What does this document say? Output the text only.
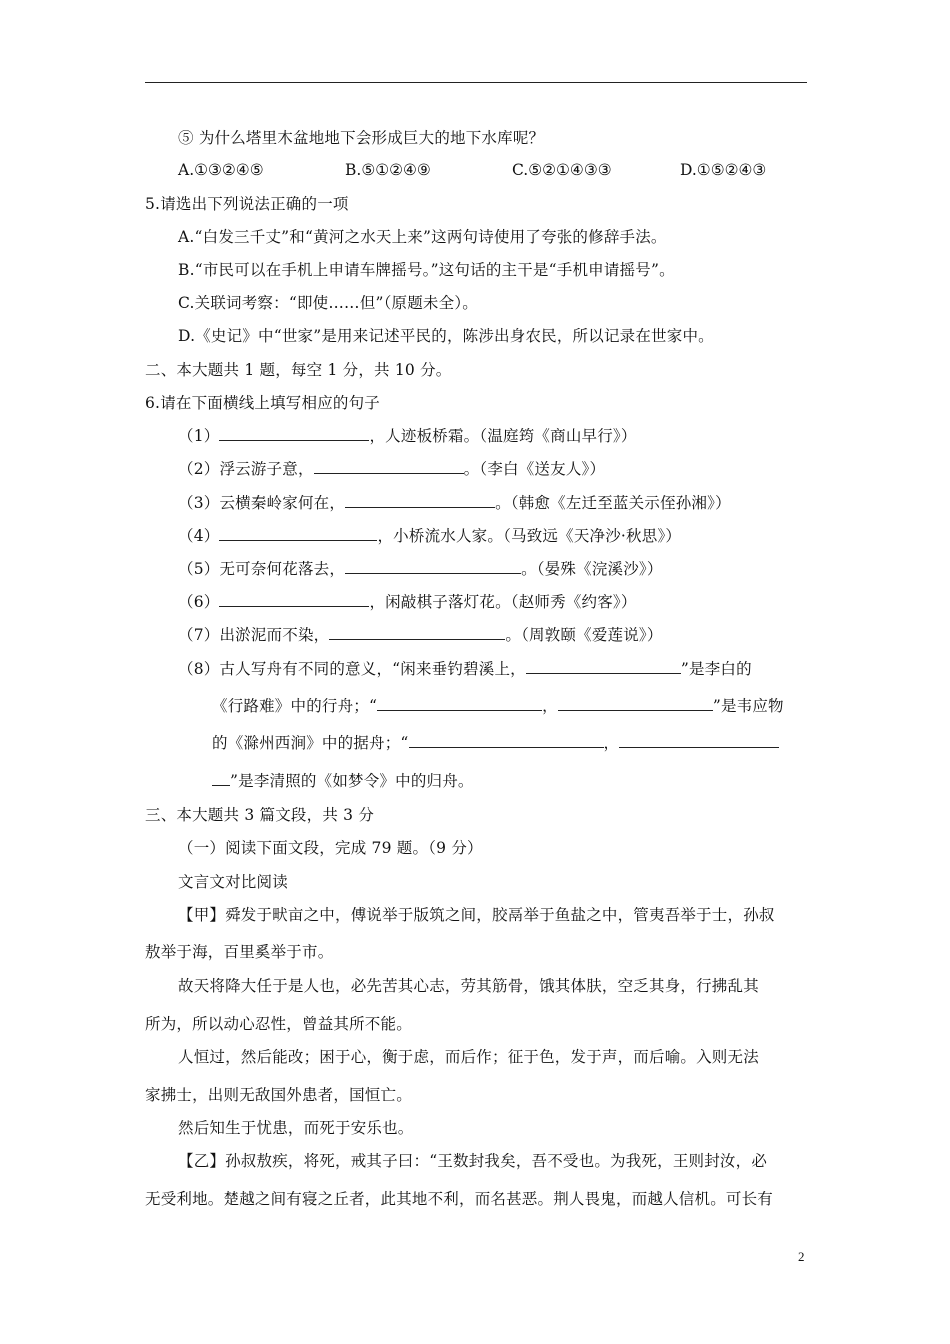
⑤ 为什么塔里木盆地地下会形成巨大的地下水库呢？
A.①③②④⑤	B.⑤①②④⑨	C.⑤②①④③③	D.①⑤②④③
5.请选出下列说法正确的一项
A.“白发三千丈”和“黄河之水天上来”这两句诗使用了夸张的修辞手法。
B.“市民可以在手机上申请车牌摇号。”这句话的主干是“手机申请摇号”。
C.关联词考察：“即使……但”（原题未全）。
D.《史记》中“世家”是用来记述平民的，陈涉出身农民，所以记录在世家中。
二、本大题共 1 题，每空 1 分，共 10 分。
6.请在下面横线上填写相应的句子
（1）	，人迹板桥霜。（温庭筠《商山早行》）
（2）浮云游子意，	。（李白《送友人》）
（3）云横秦岭家何在，	。（韩愈《左迁至蓝关示侄孙湘》）
（4）	，小桥流水人家。（马致远《天净沙·秋思》）
（5）无可奈何花落去，	。（晏殊《浣溪沙》）
（6）	，闲敲棋子落灯花。（赵师秀《约客》）
（7）出淤泥而不染，	。（周敦颐《爱莲说》）
（8）古人写舟有不同的意义，“闲来垂钓碧溪上，	”是李白的
《行路难》中的行舟；“	，	”是韦应物
的《滁州西涧》中的据舟；“	，
”是李清照的《如梦令》中的归舟。
三、本大题共 3 篇文段，共 3 分
（一）阅读下面文段，完成 79 题。（9 分）
文言文对比阅读
【甲】舜发于畎亩之中，傅说举于版筑之间，胶鬲举于鱼盐之中，管夷吾举于士，孙叔
敖举于海，百里奚举于市。
故天将降大任于是人也，必先苦其心志，劳其筋骨，饿其体肤，空乏其身，行拂乱其
所为，所以动心忍性，曾益其所不能。
人恒过，然后能改；困于心，衡于虑，而后作；征于色，发于声，而后喻。入则无法
家拂士，出则无敌国外患者，国恒亡。
然后知生于忧患，而死于安乐也。
【乙】孙叔敖疾，将死，戒其子曰：“王数封我矣，吾不受也。为我死，王则封汝，必
无受利地。楚越之间有寝之丘者，此其地不利，而名甚恶。荆人畏鬼，而越人信机。可长有
2
